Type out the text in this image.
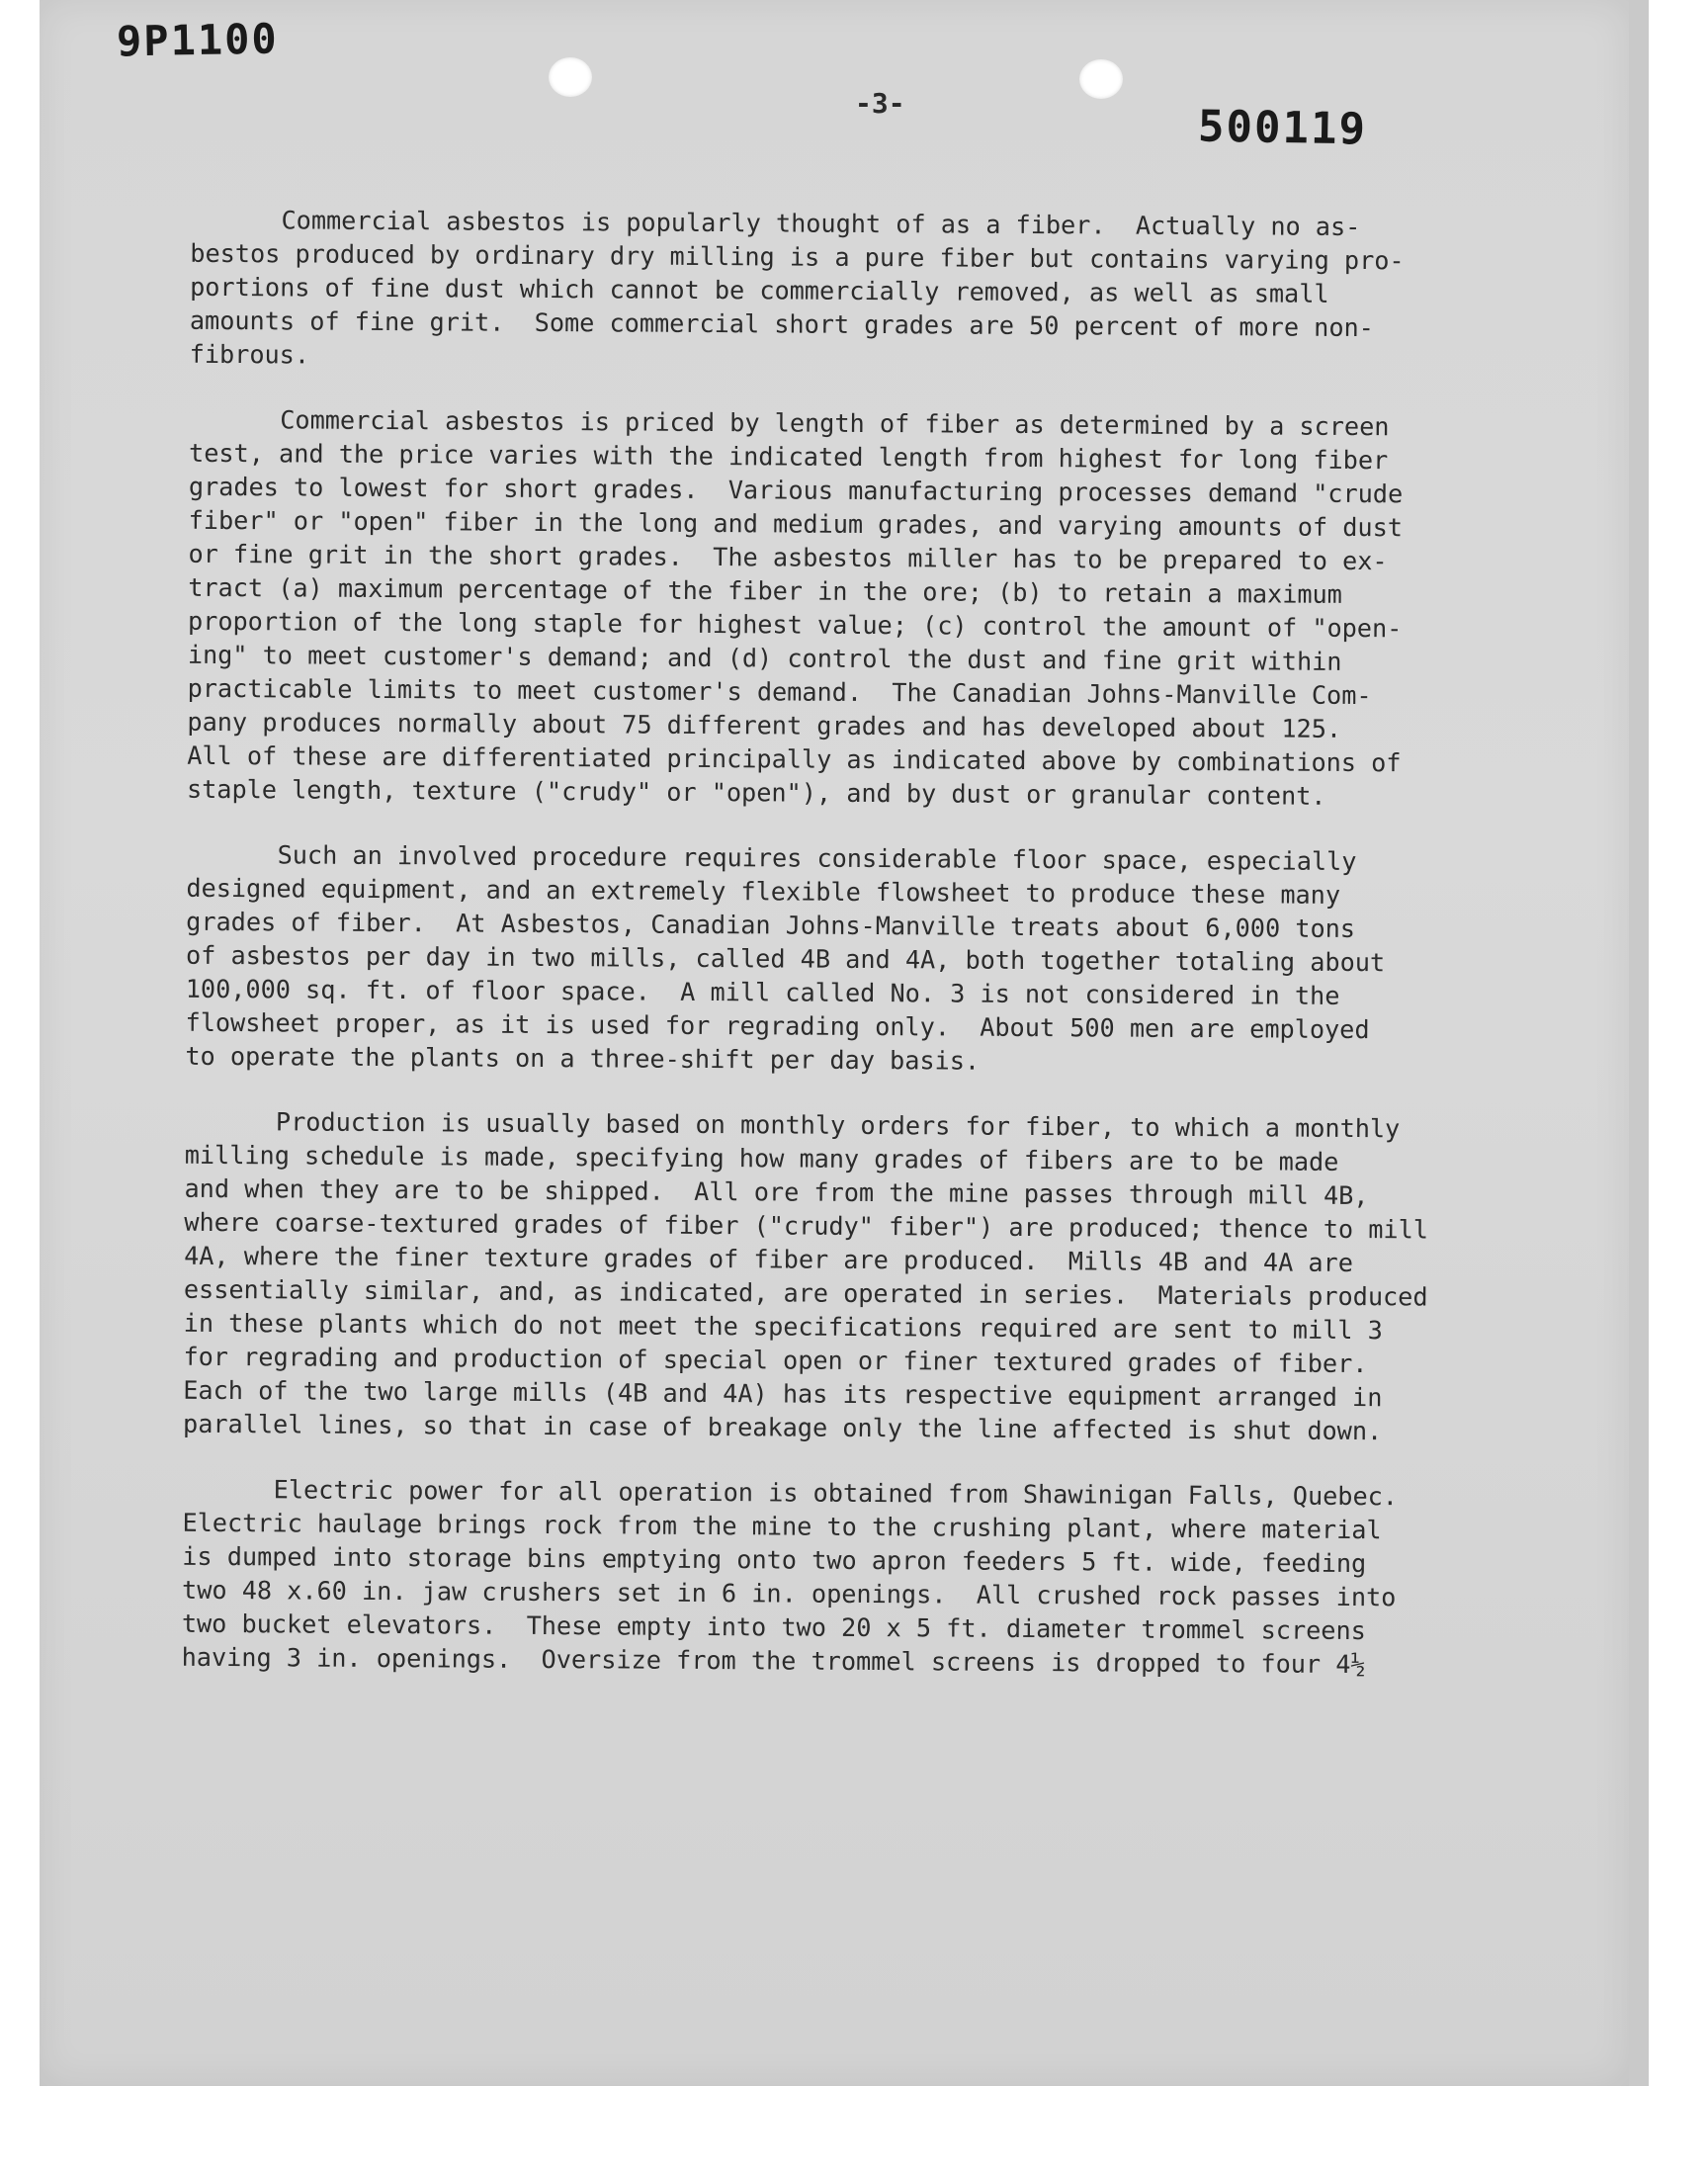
9P1100
-3-	500119
Commercial asbestos is popularly thought of as a fiber.  Actually no as-
bestos produced by ordinary dry milling is a pure fiber but contains varying pro-
portions of fine dust which cannot be commercially removed, as well as small
amounts of fine grit.  Some commercial short grades are 50 percent of more non-
fibrous.
Commercial asbestos is priced by length of fiber as determined by a screen
test, and the price varies with the indicated length from highest for long fiber
grades to lowest for short grades.  Various manufacturing processes demand "crude
fiber" or "open" fiber in the long and medium grades, and varying amounts of dust
or fine grit in the short grades.  The asbestos miller has to be prepared to ex-
tract (a) maximum percentage of the fiber in the ore; (b) to retain a maximum
proportion of the long staple for highest value; (c) control the amount of "open-
ing" to meet customer's demand; and (d) control the dust and fine grit within
practicable limits to meet customer's demand.  The Canadian Johns-Manville Com-
pany produces normally about 75 different grades and has developed about 125.
All of these are differentiated principally as indicated above by combinations of
staple length, texture ("crudy" or "open"), and by dust or granular content.
Such an involved procedure requires considerable floor space, especially
designed equipment, and an extremely flexible flowsheet to produce these many
grades of fiber.  At Asbestos, Canadian Johns-Manville treats about 6,000 tons
of asbestos per day in two mills, called 4B and 4A, both together totaling about
100,000 sq. ft. of floor space.  A mill called No. 3 is not considered in the
flowsheet proper, as it is used for regrading only.  About 500 men are employed
to operate the plants on a three-shift per day basis.
Production is usually based on monthly orders for fiber, to which a monthly
milling schedule is made, specifying how many grades of fibers are to be made
and when they are to be shipped.  All ore from the mine passes through mill 4B,
where coarse-textured grades of fiber ("crudy" fiber") are produced; thence to mill
4A, where the finer texture grades of fiber are produced.  Mills 4B and 4A are
essentially similar, and, as indicated, are operated in series.  Materials produced
in these plants which do not meet the specifications required are sent to mill 3
for regrading and production of special open or finer textured grades of fiber.
Each of the two large mills (4B and 4A) has its respective equipment arranged in
parallel lines, so that in case of breakage only the line affected is shut down.
Electric power for all operation is obtained from Shawinigan Falls, Quebec.
Electric haulage brings rock from the mine to the crushing plant, where material
is dumped into storage bins emptying onto two apron feeders 5 ft. wide, feeding
two 48 x.60 in. jaw crushers set in 6 in. openings.  All crushed rock passes into
two bucket elevators.  These empty into two 20 x 5 ft. diameter trommel screens
having 3 in. openings.  Oversize from the trommel screens is dropped to four 4½
